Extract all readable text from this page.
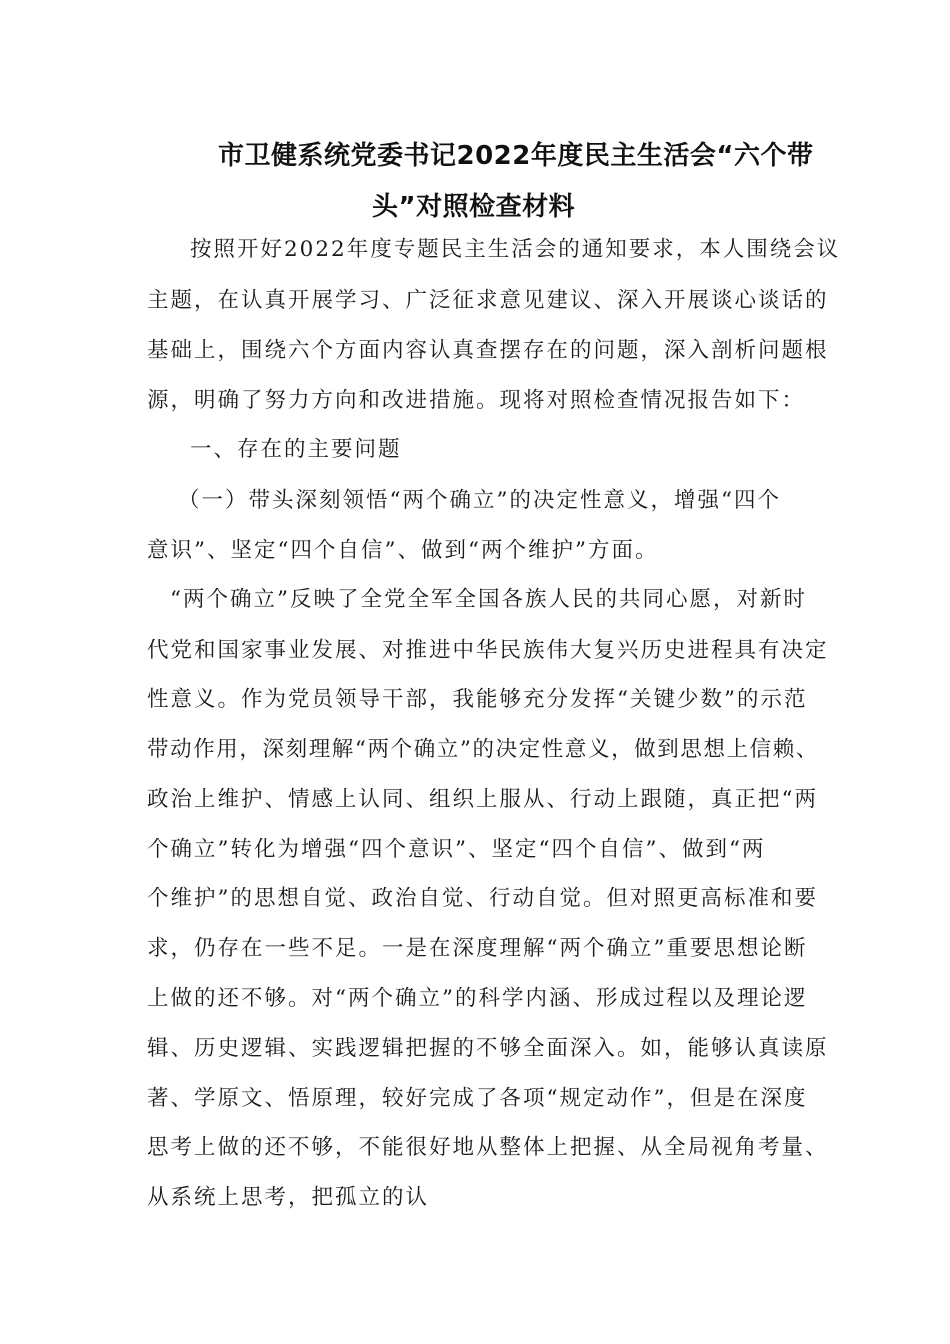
市卫健系统党委书记2022年度民主生活会“六个带
头”对照检查材料
按照开好2022年度专题民主生活会的通知要求，本人围绕会议
主题，在认真开展学习、广泛征求意见建议、深入开展谈心谈话的
基础上，围绕六个方面内容认真查摆存在的问题，深入剖析问题根
源，明确了努力方向和改进措施。现将对照检查情况报告如下：
一、存在的主要问题
（一）带头深刻领悟“两个确立”的决定性意义，增强“四个
意识”、坚定“四个自信”、做到“两个维护”方面。
“两个确立”反映了全党全军全国各族人民的共同心愿，对新时
代党和国家事业发展、对推进中华民族伟大复兴历史进程具有决定
性意义。作为党员领导干部，我能够充分发挥“关键少数”的示范
带动作用，深刻理解“两个确立”的决定性意义，做到思想上信赖、
政治上维护、情感上认同、组织上服从、行动上跟随，真正把“两
个确立”转化为增强“四个意识”、坚定“四个自信”、做到“两
个维护”的思想自觉、政治自觉、行动自觉。但对照更高标准和要
求，仍存在一些不足。一是在深度理解“两个确立”重要思想论断
上做的还不够。对“两个确立”的科学内涵、形成过程以及理论逻
辑、历史逻辑、实践逻辑把握的不够全面深入。如，能够认真读原
著、学原文、悟原理，较好完成了各项“规定动作”，但是在深度
思考上做的还不够，不能很好地从整体上把握、从全局视角考量、
从系统上思考，把孤立的认
